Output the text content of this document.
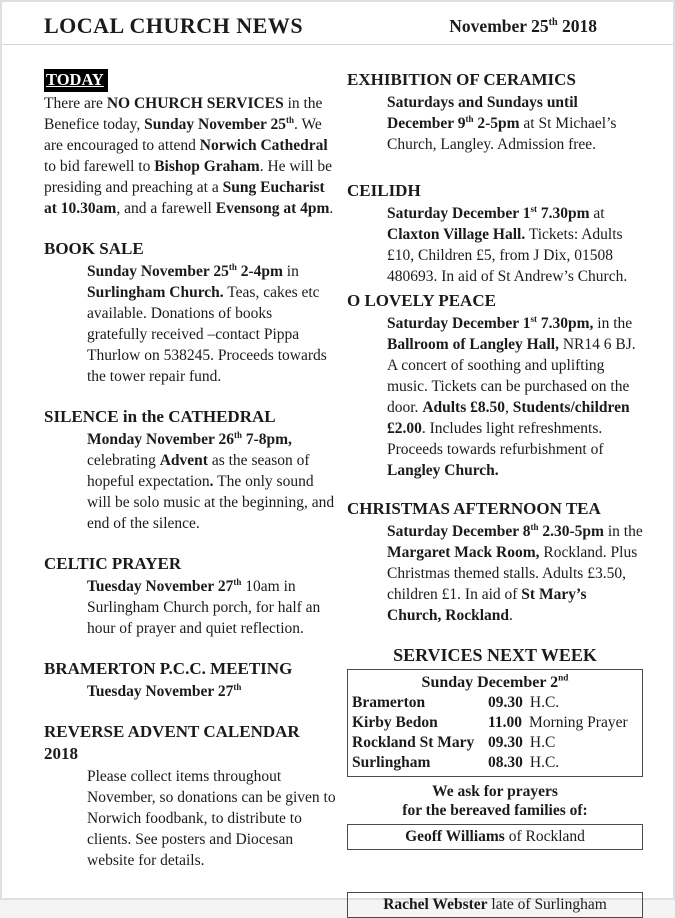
LOCAL CHURCH NEWS	November 25th 2018
TODAY

There are NO CHURCH SERVICES in the Benefice today, Sunday November 25th. We are encouraged to attend Norwich Cathedral to bid farewell to Bishop Graham. He will be presiding and preaching at a Sung Eucharist at 10.30am, and a farewell Evensong at 4pm.

BOOK SALE

Sunday November 25th 2-4pm in Surlingham Church. Teas, cakes etc available. Donations of books gratefully received –contact Pippa Thurlow on 538245. Proceeds towards the tower repair fund.

SILENCE in the CATHEDRAL

Monday November 26th 7-8pm, celebrating Advent as the season of hopeful expectation. The only sound will be solo music at the beginning, and end of the silence.

CELTIC PRAYER

Tuesday November 27th 10am in Surlingham Church porch, for half an hour of prayer and quiet reflection.

BRAMERTON P.C.C. MEETING

Tuesday November 27th

REVERSE ADVENT CALENDAR 2018

Please collect items throughout November, so donations can be given to Norwich foodbank, to distribute to clients. See posters and Diocesan website for details.

EXHIBITION OF CERAMICS

Saturdays and Sundays until December 9th 2-5pm at St Michael’s Church, Langley. Admission free.

CEILIDH

Saturday December 1st 7.30pm at Claxton Village Hall. Tickets: Adults £10, Children £5, from J Dix, 01508 480693. In aid of St Andrew’s Church.

O LOVELY PEACE

Saturday December 1st 7.30pm, in the Ballroom of Langley Hall, NR14 6 BJ. A concert of soothing and uplifting music. Tickets can be purchased on the door. Adults £8.50, Students/children £2.00. Includes light refreshments. Proceeds towards refurbishment of Langley Church.

CHRISTMAS AFTERNOON TEA

Saturday December 8th 2.30-5pm in the Margaret Mack Room, Rockland. Plus Christmas themed stalls. Adults £3.50, children £1. In aid of St Mary’s Church, Rockland.

SERVICES NEXT WEEK
Sunday December 2nd
Bramerton	09.30 H.C.
Kirby Bedon	11.00 Morning Prayer
Rockland St Mary 09.30 H.C
Surlingham	08.30 H.C.
We ask for prayers
for the bereaved families of:
Geoff Williams of Rockland
Rachel Webster late of Surlingham
